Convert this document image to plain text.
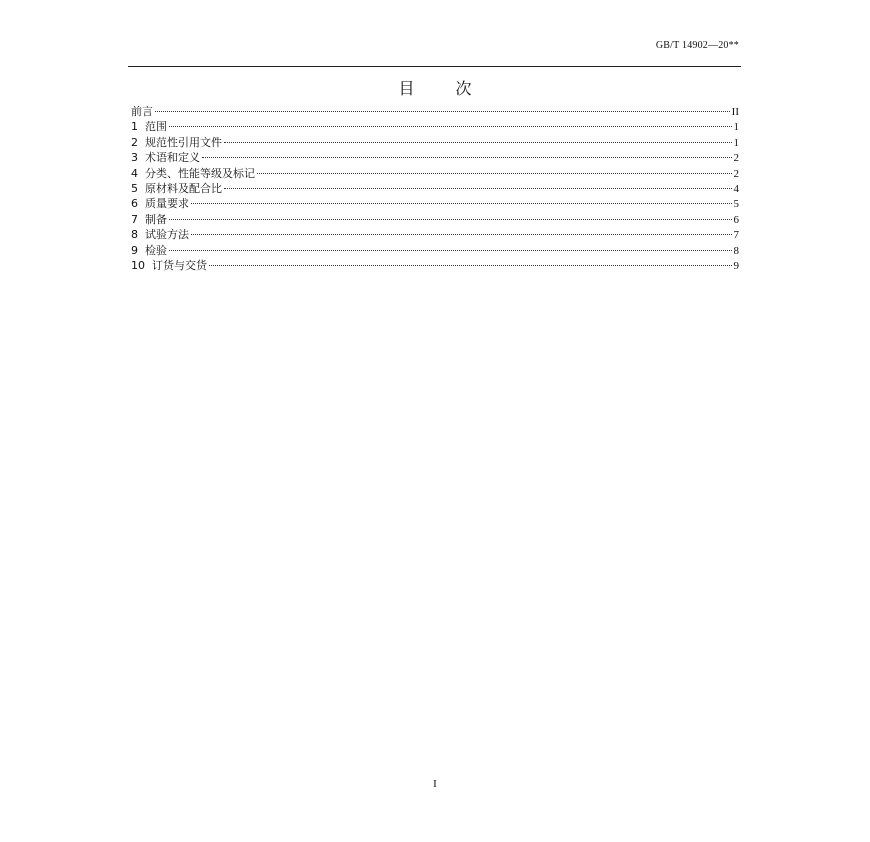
GB/T 14902—20**
目 次
前言	II
1  范围	1
2  规范性引用文件	1
3  术语和定义	2
4  分类、性能等级及标记	2
5  原材料及配合比	4
6  质量要求	5
7  制备	6
8  试验方法	7
9  检验	8
10  订货与交货	9
I
